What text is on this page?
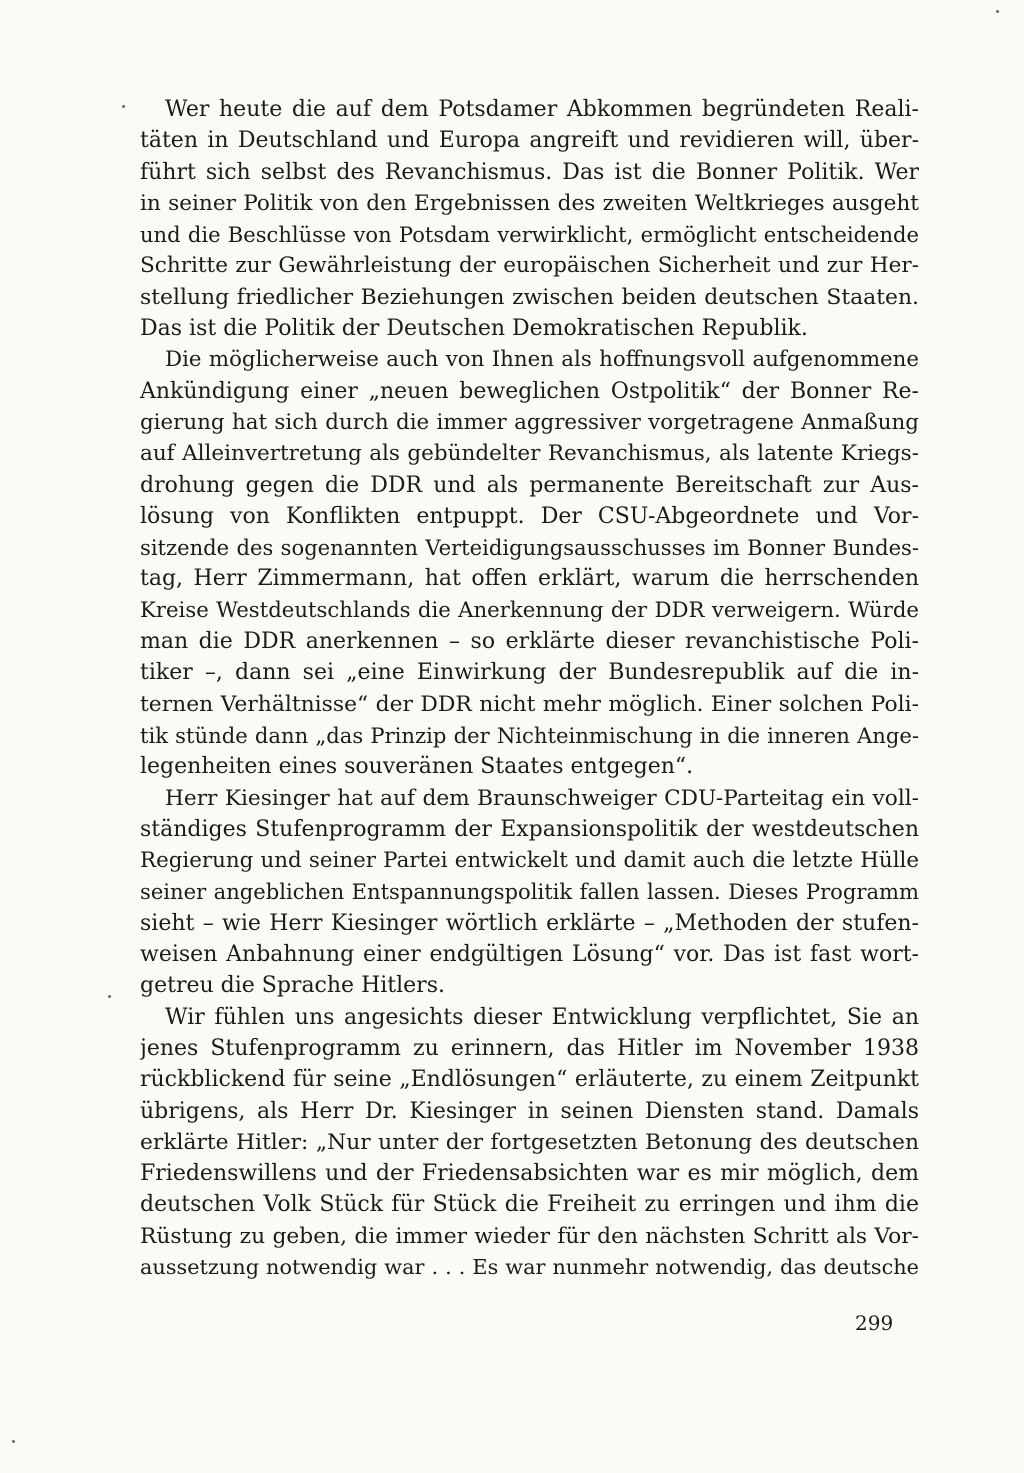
Wer heute die auf dem Potsdamer Abkommen begründeten Reali-
täten in Deutschland und Europa angreift und revidieren will, über-
führt sich selbst des Revanchismus. Das ist die Bonner Politik. Wer
in seiner Politik von den Ergebnissen des zweiten Weltkrieges ausgeht
und die Beschlüsse von Potsdam verwirklicht, ermöglicht entscheidende
Schritte zur Gewährleistung der europäischen Sicherheit und zur Her-
stellung friedlicher Beziehungen zwischen beiden deutschen Staaten.
Das ist die Politik der Deutschen Demokratischen Republik.
Die möglicherweise auch von Ihnen als hoffnungsvoll aufgenommene
Ankündigung einer „neuen beweglichen Ostpolitik“ der Bonner Re-
gierung hat sich durch die immer aggressiver vorgetragene Anmaßung
auf Alleinvertretung als gebündelter Revanchismus, als latente Kriegs-
drohung gegen die DDR und als permanente Bereitschaft zur Aus-
lösung von Konflikten entpuppt. Der CSU-Abgeordnete und Vor-
sitzende des sogenannten Verteidigungsausschusses im Bonner Bundes-
tag, Herr Zimmermann, hat offen erklärt, warum die herrschenden
Kreise Westdeutschlands die Anerkennung der DDR verweigern. Würde
man die DDR anerkennen – so erklärte dieser revanchistische Poli-
tiker –, dann sei „eine Einwirkung der Bundesrepublik auf die in-
ternen Verhältnisse“ der DDR nicht mehr möglich. Einer solchen Poli-
tik stünde dann „das Prinzip der Nichteinmischung in die inneren Ange-
legenheiten eines souveränen Staates entgegen“.
Herr Kiesinger hat auf dem Braunschweiger CDU-Parteitag ein voll-
ständiges Stufenprogramm der Expansionspolitik der westdeutschen
Regierung und seiner Partei entwickelt und damit auch die letzte Hülle
seiner angeblichen Entspannungspolitik fallen lassen. Dieses Programm
sieht – wie Herr Kiesinger wörtlich erklärte – „Methoden der stufen-
weisen Anbahnung einer endgültigen Lösung“ vor. Das ist fast wort-
getreu die Sprache Hitlers.
Wir fühlen uns angesichts dieser Entwicklung verpflichtet, Sie an
jenes Stufenprogramm zu erinnern, das Hitler im November 1938
rückblickend für seine „Endlösungen“ erläuterte, zu einem Zeitpunkt
übrigens, als Herr Dr. Kiesinger in seinen Diensten stand. Damals
erklärte Hitler: „Nur unter der fortgesetzten Betonung des deutschen
Friedenswillens und der Friedensabsichten war es mir möglich, dem
deutschen Volk Stück für Stück die Freiheit zu erringen und ihm die
Rüstung zu geben, die immer wieder für den nächsten Schritt als Vor-
aussetzung notwendig war . . . Es war nunmehr notwendig, das deutsche
299
